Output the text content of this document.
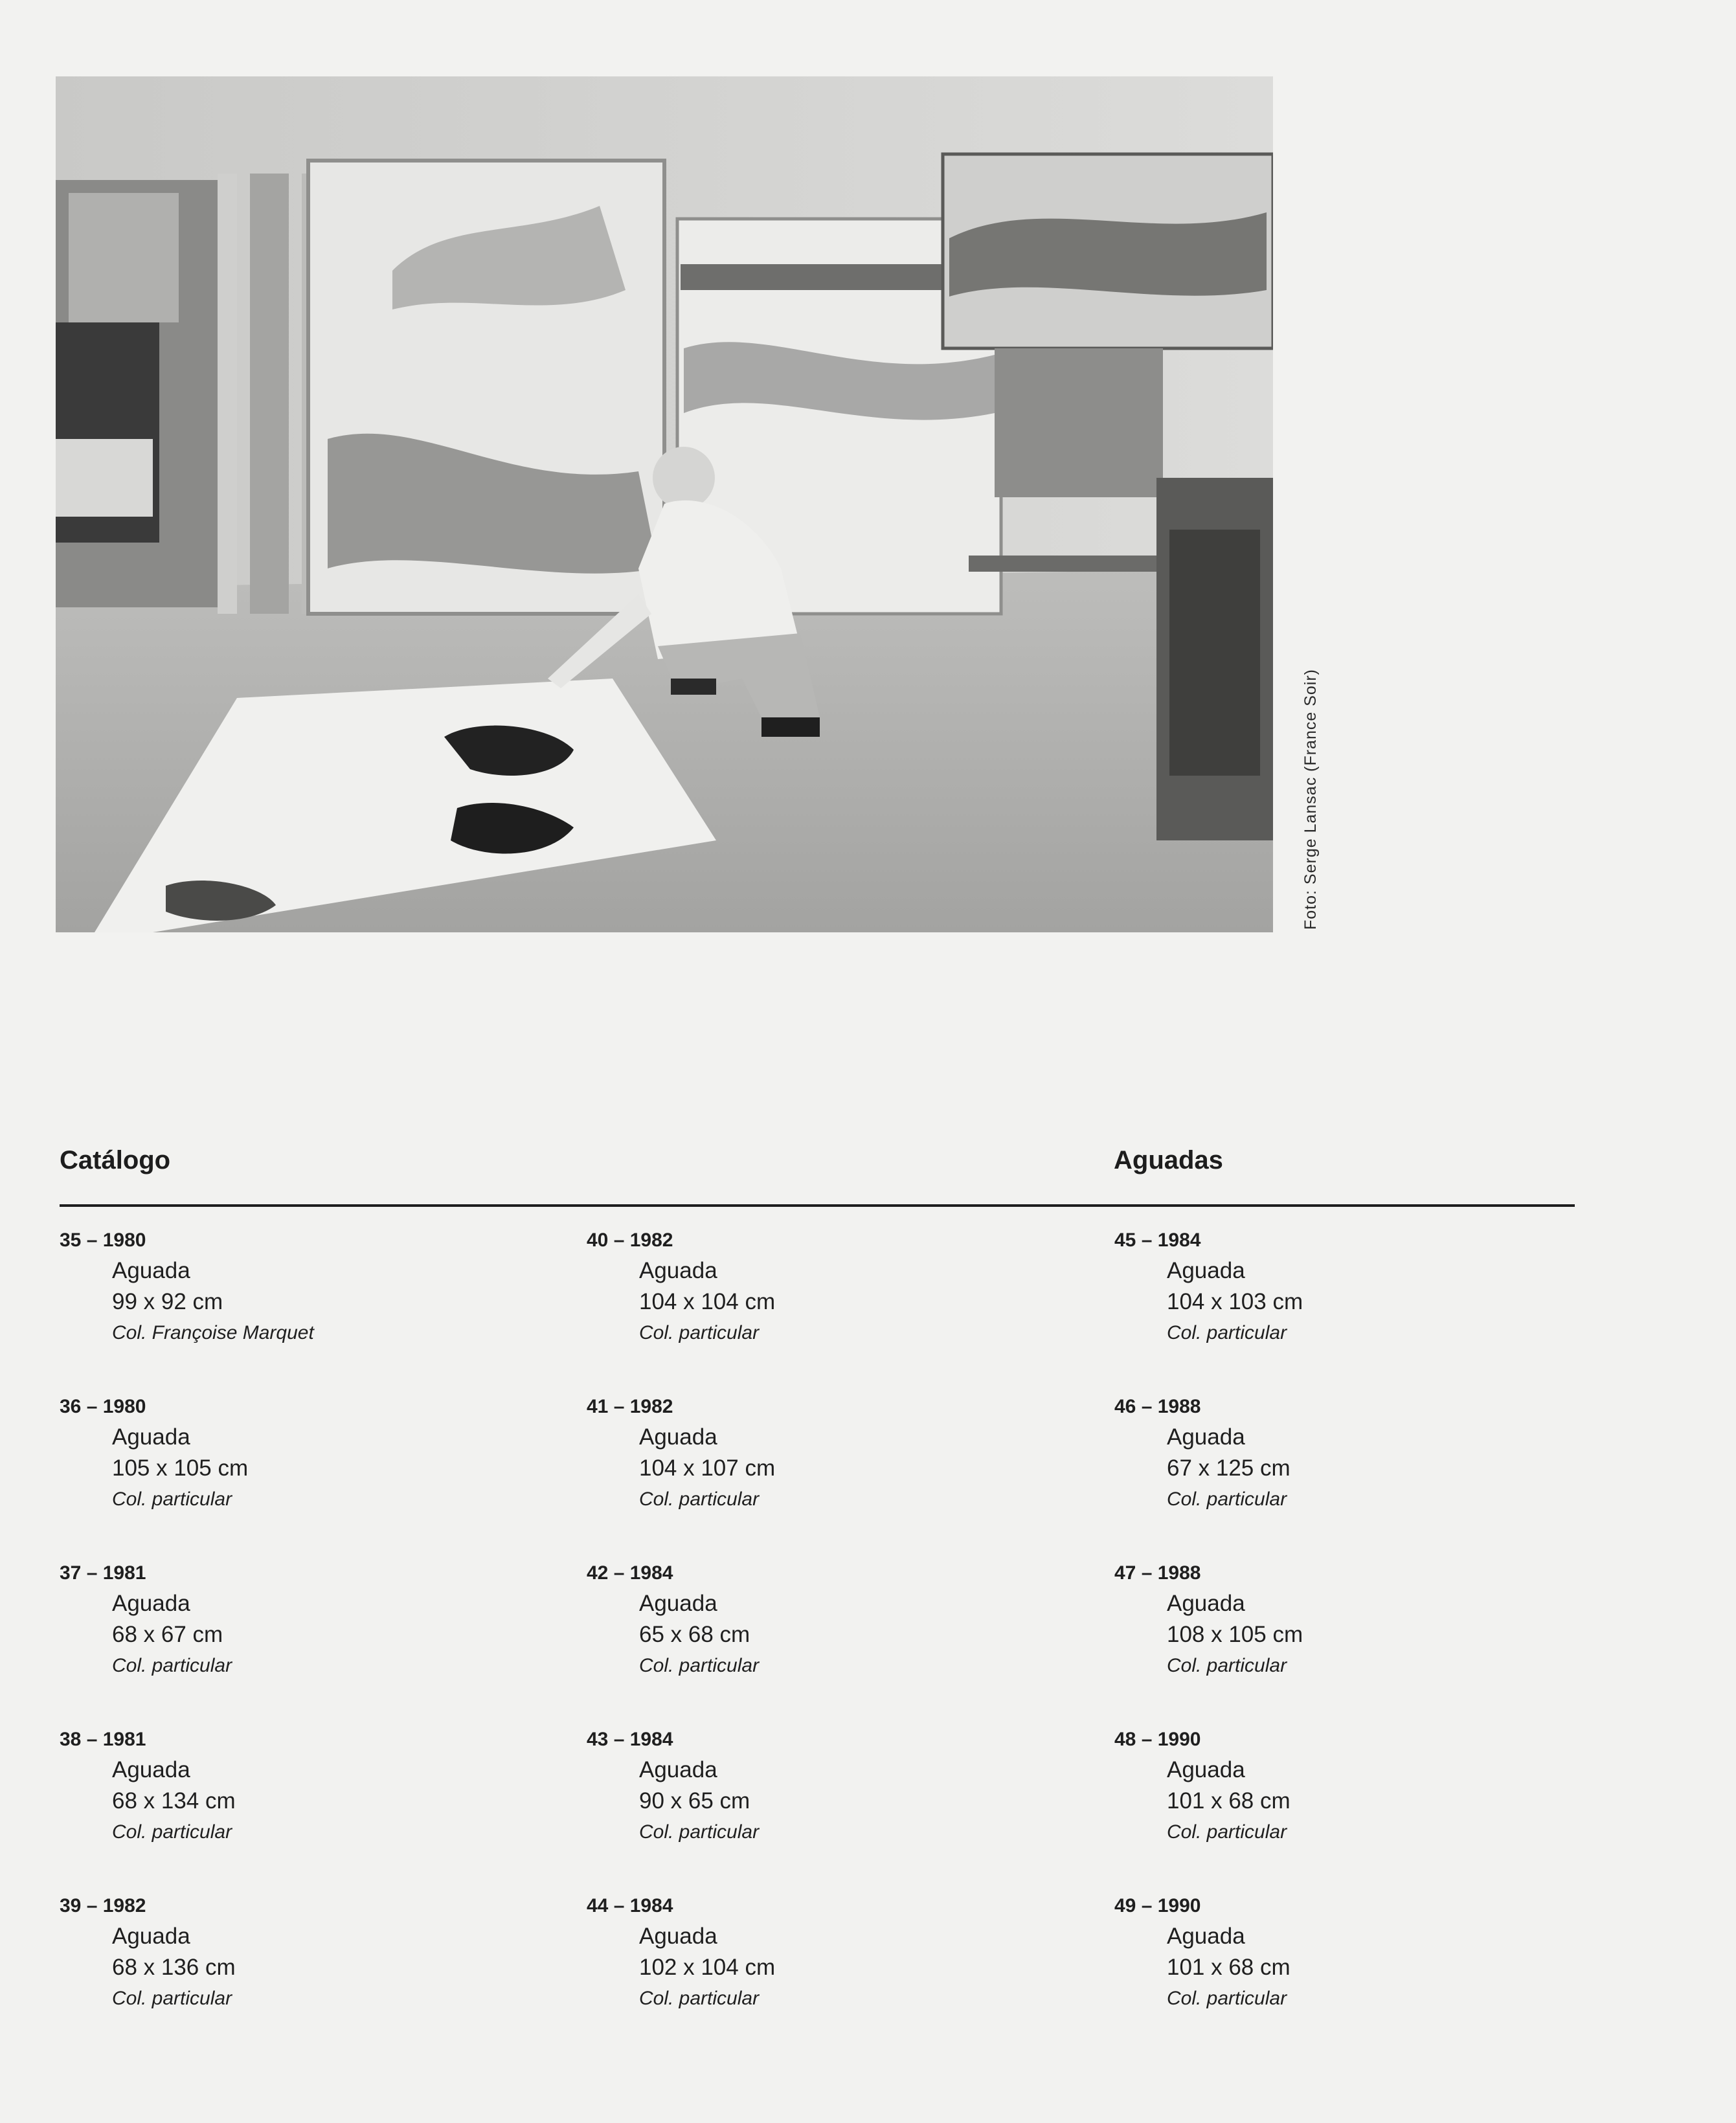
Foto: Serge Lansac (France Soir)
Catálogo	Aguadas
35 – 1980
Aguada
99 x 92 cm
Col. Françoise Marquet
36 – 1980
Aguada
105 x 105 cm
Col. particular
37 – 1981
Aguada
68 x 67 cm
Col. particular
38 – 1981
Aguada
68 x 134 cm
Col. particular
39 – 1982
Aguada
68 x 136 cm
Col. particular
40 – 1982
Aguada
104 x 104 cm
Col. particular
41 – 1982
Aguada
104 x 107 cm
Col. particular
42 – 1984
Aguada
65 x 68 cm
Col. particular
43 – 1984
Aguada
90 x 65 cm
Col. particular
44 – 1984
Aguada
102 x 104 cm
Col. particular
45 – 1984
Aguada
104 x 103 cm
Col. particular
46 – 1988
Aguada
67 x 125 cm
Col. particular
47 – 1988
Aguada
108 x 105 cm
Col. particular
48 – 1990
Aguada
101 x 68 cm
Col. particular
49 – 1990
Aguada
101 x 68 cm
Col. particular
